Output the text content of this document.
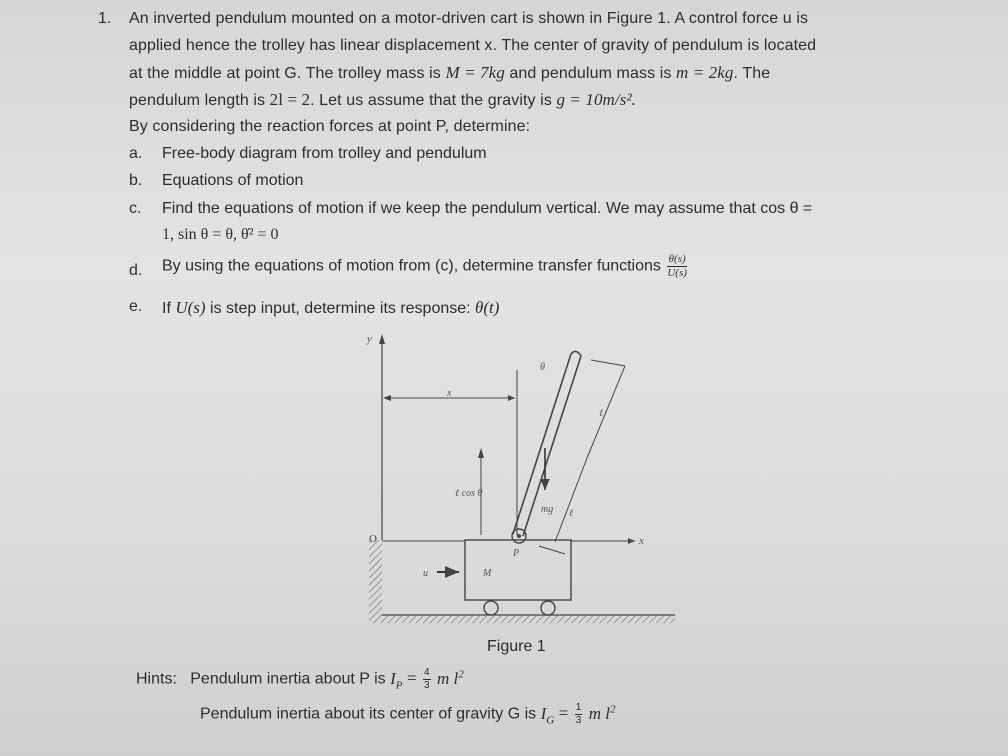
1. An inverted pendulum mounted on a motor-driven cart is shown in Figure 1. A control force u is
applied hence the trolley has linear displacement x. The center of gravity of pendulum is located
at the middle at point G. The trolley mass is M = 7kg and pendulum mass is m = 2kg. The
pendulum length is 2l = 2. Let us assume that the gravity is g = 10m/s².
By considering the reaction forces at point P, determine:
a. Free-body diagram from trolley and pendulum
b. Equations of motion
c. Find the equations of motion if we keep the pendulum vertical. We may assume that cos θ =
1, sin θ = θ, θ̇² = 0
d. By using the equations of motion from (c), determine transfer functions $\frac{\theta(s)}{U(s)}$
e. If U(s) is step input, determine its response: θ(t)
y
O	x
x
M
u
P
θ
ℓ cos θ
mg
ℓ
ℓ
Figure 1
Hints: Pendulum inertia about P is $I_P = \frac{4}{3}$ m $l^2$
Pendulum inertia about its center of gravity G is $I_G = \frac{1}{3}$ m $l^2$
